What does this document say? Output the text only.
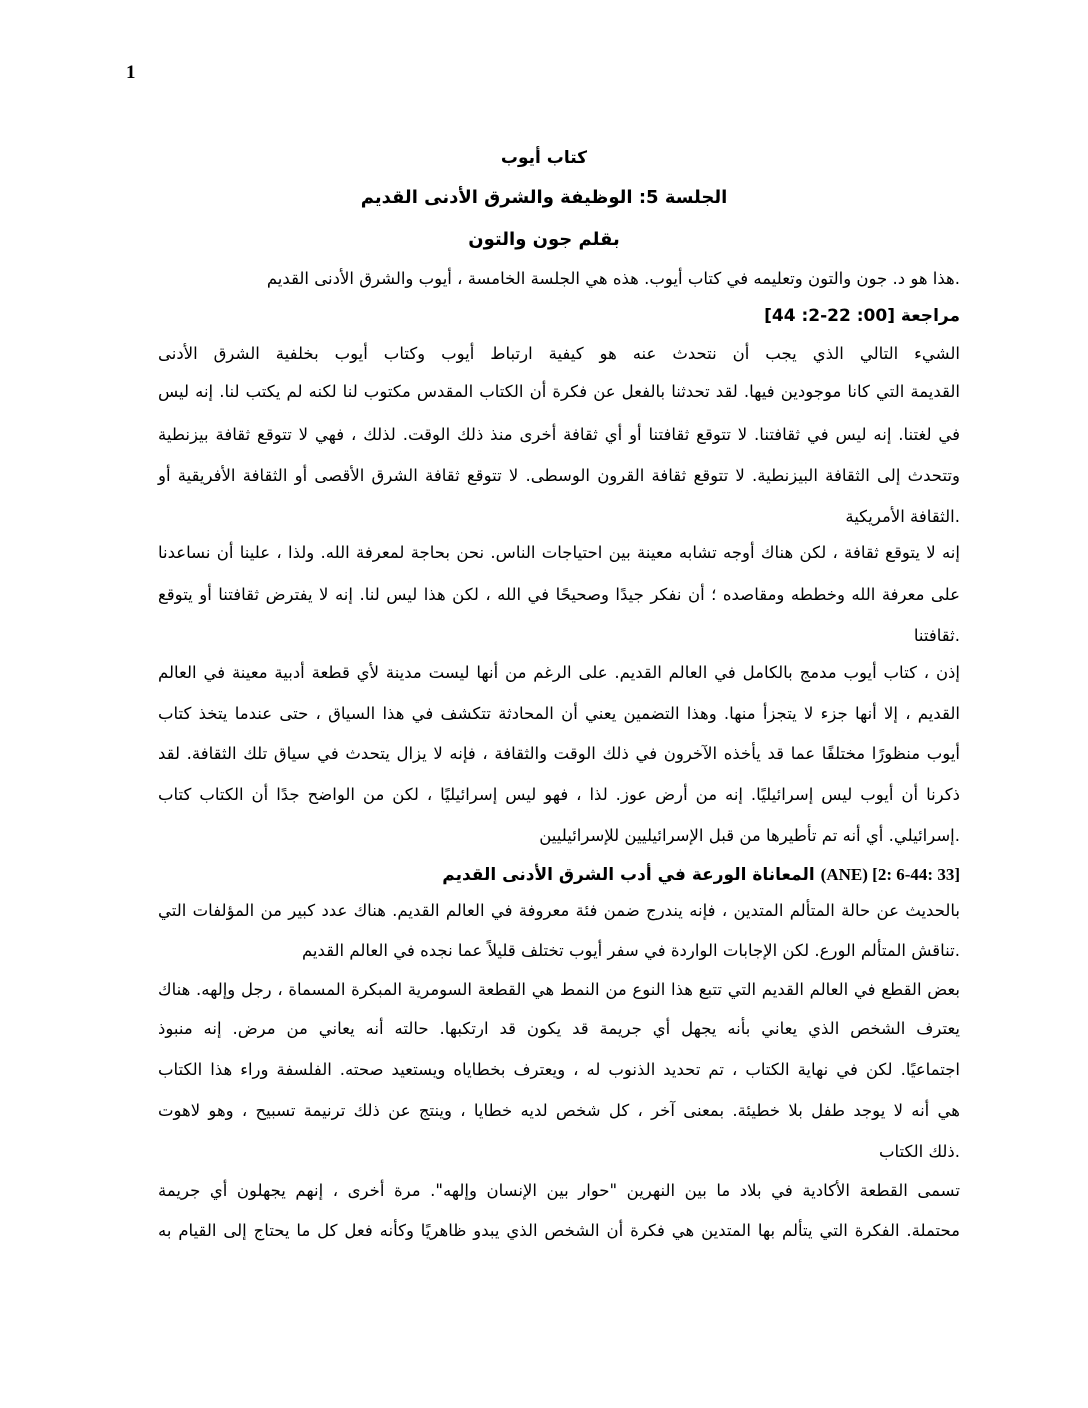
1
كتاب أيوب
الجلسة 5: الوظيفة والشرق الأدنى القديم
بقلم جون والتون
.هذا هو د. جون والتون وتعليمه في كتاب أيوب. هذه هي الجلسة الخامسة ، أيوب والشرق الأدنى القديم
مراجعة [00: 22-2: 44]
الشيء التالي الذي يجب أن نتحدث عنه هو كيفية ارتباط أيوب وكتاب أيوب بخلفية الشرق الأدنى
القديمة التي كانا موجودين فيها. لقد تحدثنا بالفعل عن فكرة أن الكتاب المقدس مكتوب لنا لكنه لم يكتب لنا. إنه ليس
في لغتنا. إنه ليس في ثقافتنا. لا تتوقع ثقافتنا أو أي ثقافة أخرى منذ ذلك الوقت. لذلك ، فهي لا تتوقع ثقافة بيزنطية
وتتحدث إلى الثقافة البيزنطية. لا تتوقع ثقافة القرون الوسطى. لا تتوقع ثقافة الشرق الأقصى أو الثقافة الأفريقية أو
.الثقافة الأمريكية
إنه لا يتوقع ثقافة ، لكن هناك أوجه تشابه معينة بين احتياجات الناس. نحن بحاجة لمعرفة الله. ولذا ، علينا أن نساعدنا
على معرفة الله وخططه ومقاصده ؛ أن نفكر جيدًا وصحيحًا في الله ، لكن هذا ليس لنا. إنه لا يفترض ثقافتنا أو يتوقع
.ثقافتنا
إذن ، كتاب أيوب مدمج بالكامل في العالم القديم. على الرغم من أنها ليست مدينة لأي قطعة أدبية معينة في العالم
القديم ، إلا أنها جزء لا يتجزأ منها. وهذا التضمين يعني أن المحادثة تتكشف في هذا السياق ، حتى عندما يتخذ كتاب
أيوب منظورًا مختلفًا عما قد يأخذه الآخرون في ذلك الوقت والثقافة ، فإنه لا يزال يتحدث في سياق تلك الثقافة. لقد
ذكرنا أن أيوب ليس إسرائيليًا. إنه من أرض عوز. لذا ، فهو ليس إسرائيليًا ، لكن من الواضح جدًا أن الكتاب كتاب
.إسرائيلي. أي أنه تم تأطيرها من قبل الإسرائيليين للإسرائيليين
[33 :6-44 :2] (ANE) المعاناة الورعة في أدب الشرق الأدنى القديم
بالحديث عن حالة المتألم المتدين ، فإنه يندرج ضمن فئة معروفة في العالم القديم. هناك عدد كبير من المؤلفات التي
.تناقش المتألم الورع. لكن الإجابات الواردة في سفر أيوب تختلف قليلاً عما نجده في العالم القديم
بعض القطع في العالم القديم التي تتبع هذا النوع من النمط هي القطعة السومرية المبكرة المسماة ، رجل وإلهه. هناك
يعترف الشخص الذي يعاني بأنه يجهل أي جريمة قد يكون قد ارتكبها. حالته أنه يعاني من مرض. إنه منبوذ
اجتماعيًا. لكن في نهاية الكتاب ، تم تحديد الذنوب له ، ويعترف بخطاياه ويستعيد صحته. الفلسفة وراء هذا الكتاب
هي أنه لا يوجد طفل بلا خطيئة. بمعنى آخر ، كل شخص لديه خطايا ، وينتج عن ذلك ترنيمة تسبيح ، وهو لاهوت
.ذلك الكتاب
تسمى القطعة الأكادية في بلاد ما بين النهرين "حوار بين الإنسان وإلهه". مرة أخرى ، إنهم يجهلون أي جريمة
محتملة. الفكرة التي يتألم بها المتدين هي فكرة أن الشخص الذي يبدو ظاهريًا وكأنه فعل كل ما يحتاج إلى القيام به
